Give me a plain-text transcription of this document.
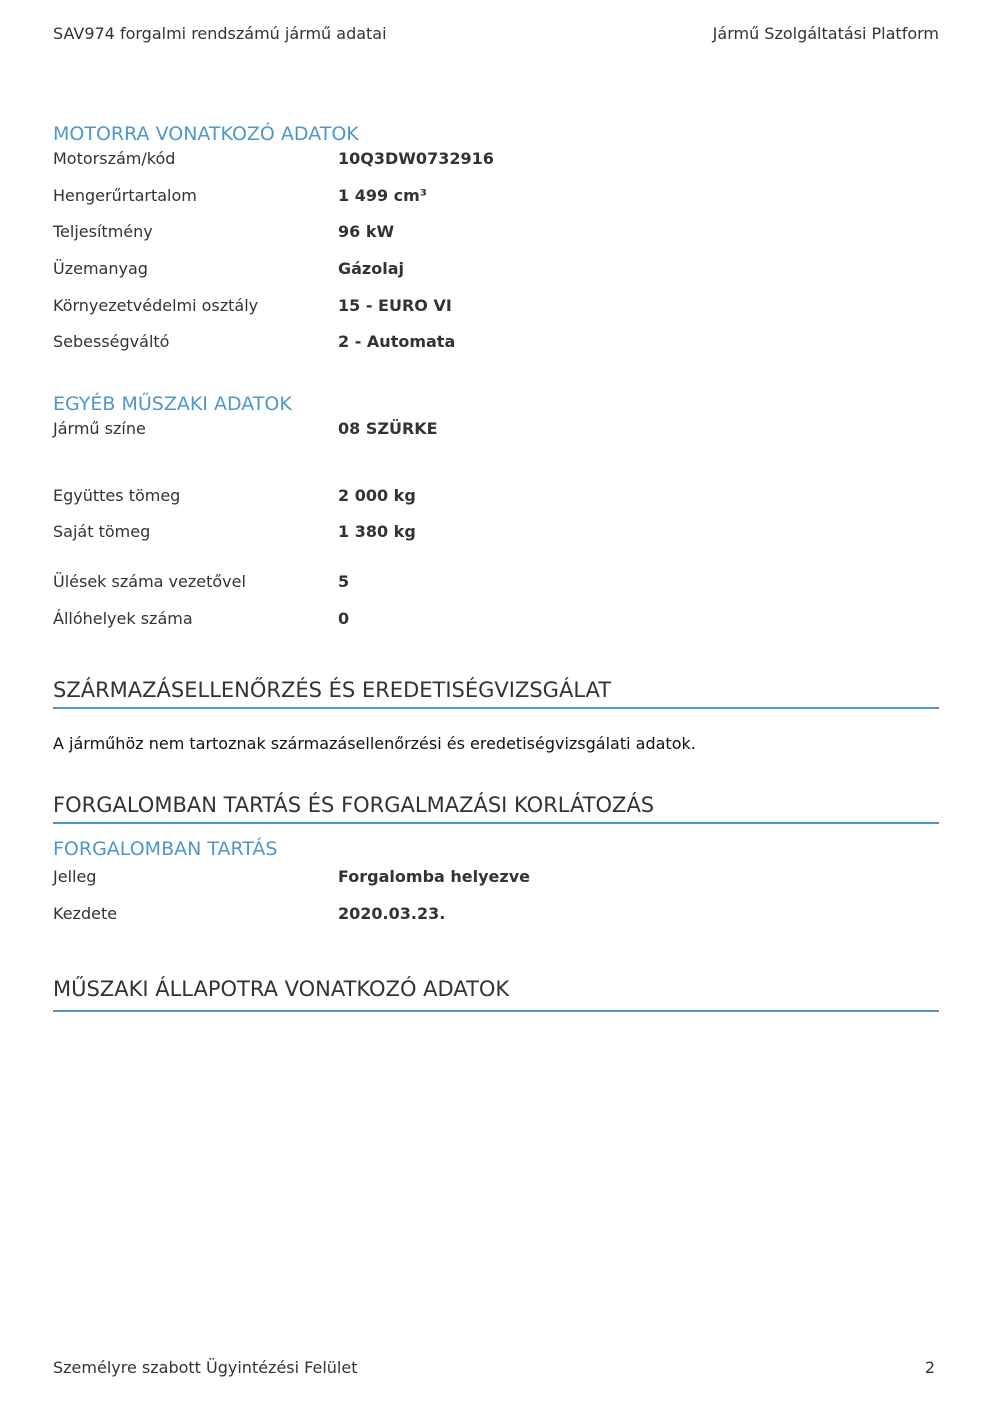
SAV974 forgalmi rendszámú jármű adatai	Jármű Szolgáltatási Platform
MOTORRA VONATKOZÓ ADATOK
Motorszám/kód	10Q3DW0732916
Hengerűrtartalom	1 499 cm³
Teljesítmény	96 kW
Üzemanyag	Gázolaj
Környezetvédelmi osztály	15 - EURO VI
Sebességváltó	2 - Automata
EGYÉB MŰSZAKI ADATOK
Jármű színe	08 SZÜRKE
Együttes tömeg	2 000 kg
Saját tömeg	1 380 kg
Ülések száma vezetővel	5
Állóhelyek száma	0
SZÁRMAZÁSELLENŐRZÉS ÉS EREDETISÉGVIZSGÁLAT
A járműhöz nem tartoznak származásellenőrzési és eredetiségvizsgálati adatok.
FORGALOMBAN TARTÁS ÉS FORGALMAZÁSI KORLÁTOZÁS
FORGALOMBAN TARTÁS
Jelleg	Forgalomba helyezve
Kezdete	2020.03.23.
MŰSZAKI ÁLLAPOTRA VONATKOZÓ ADATOK
Személyre szabott Ügyintézési Felület	2
